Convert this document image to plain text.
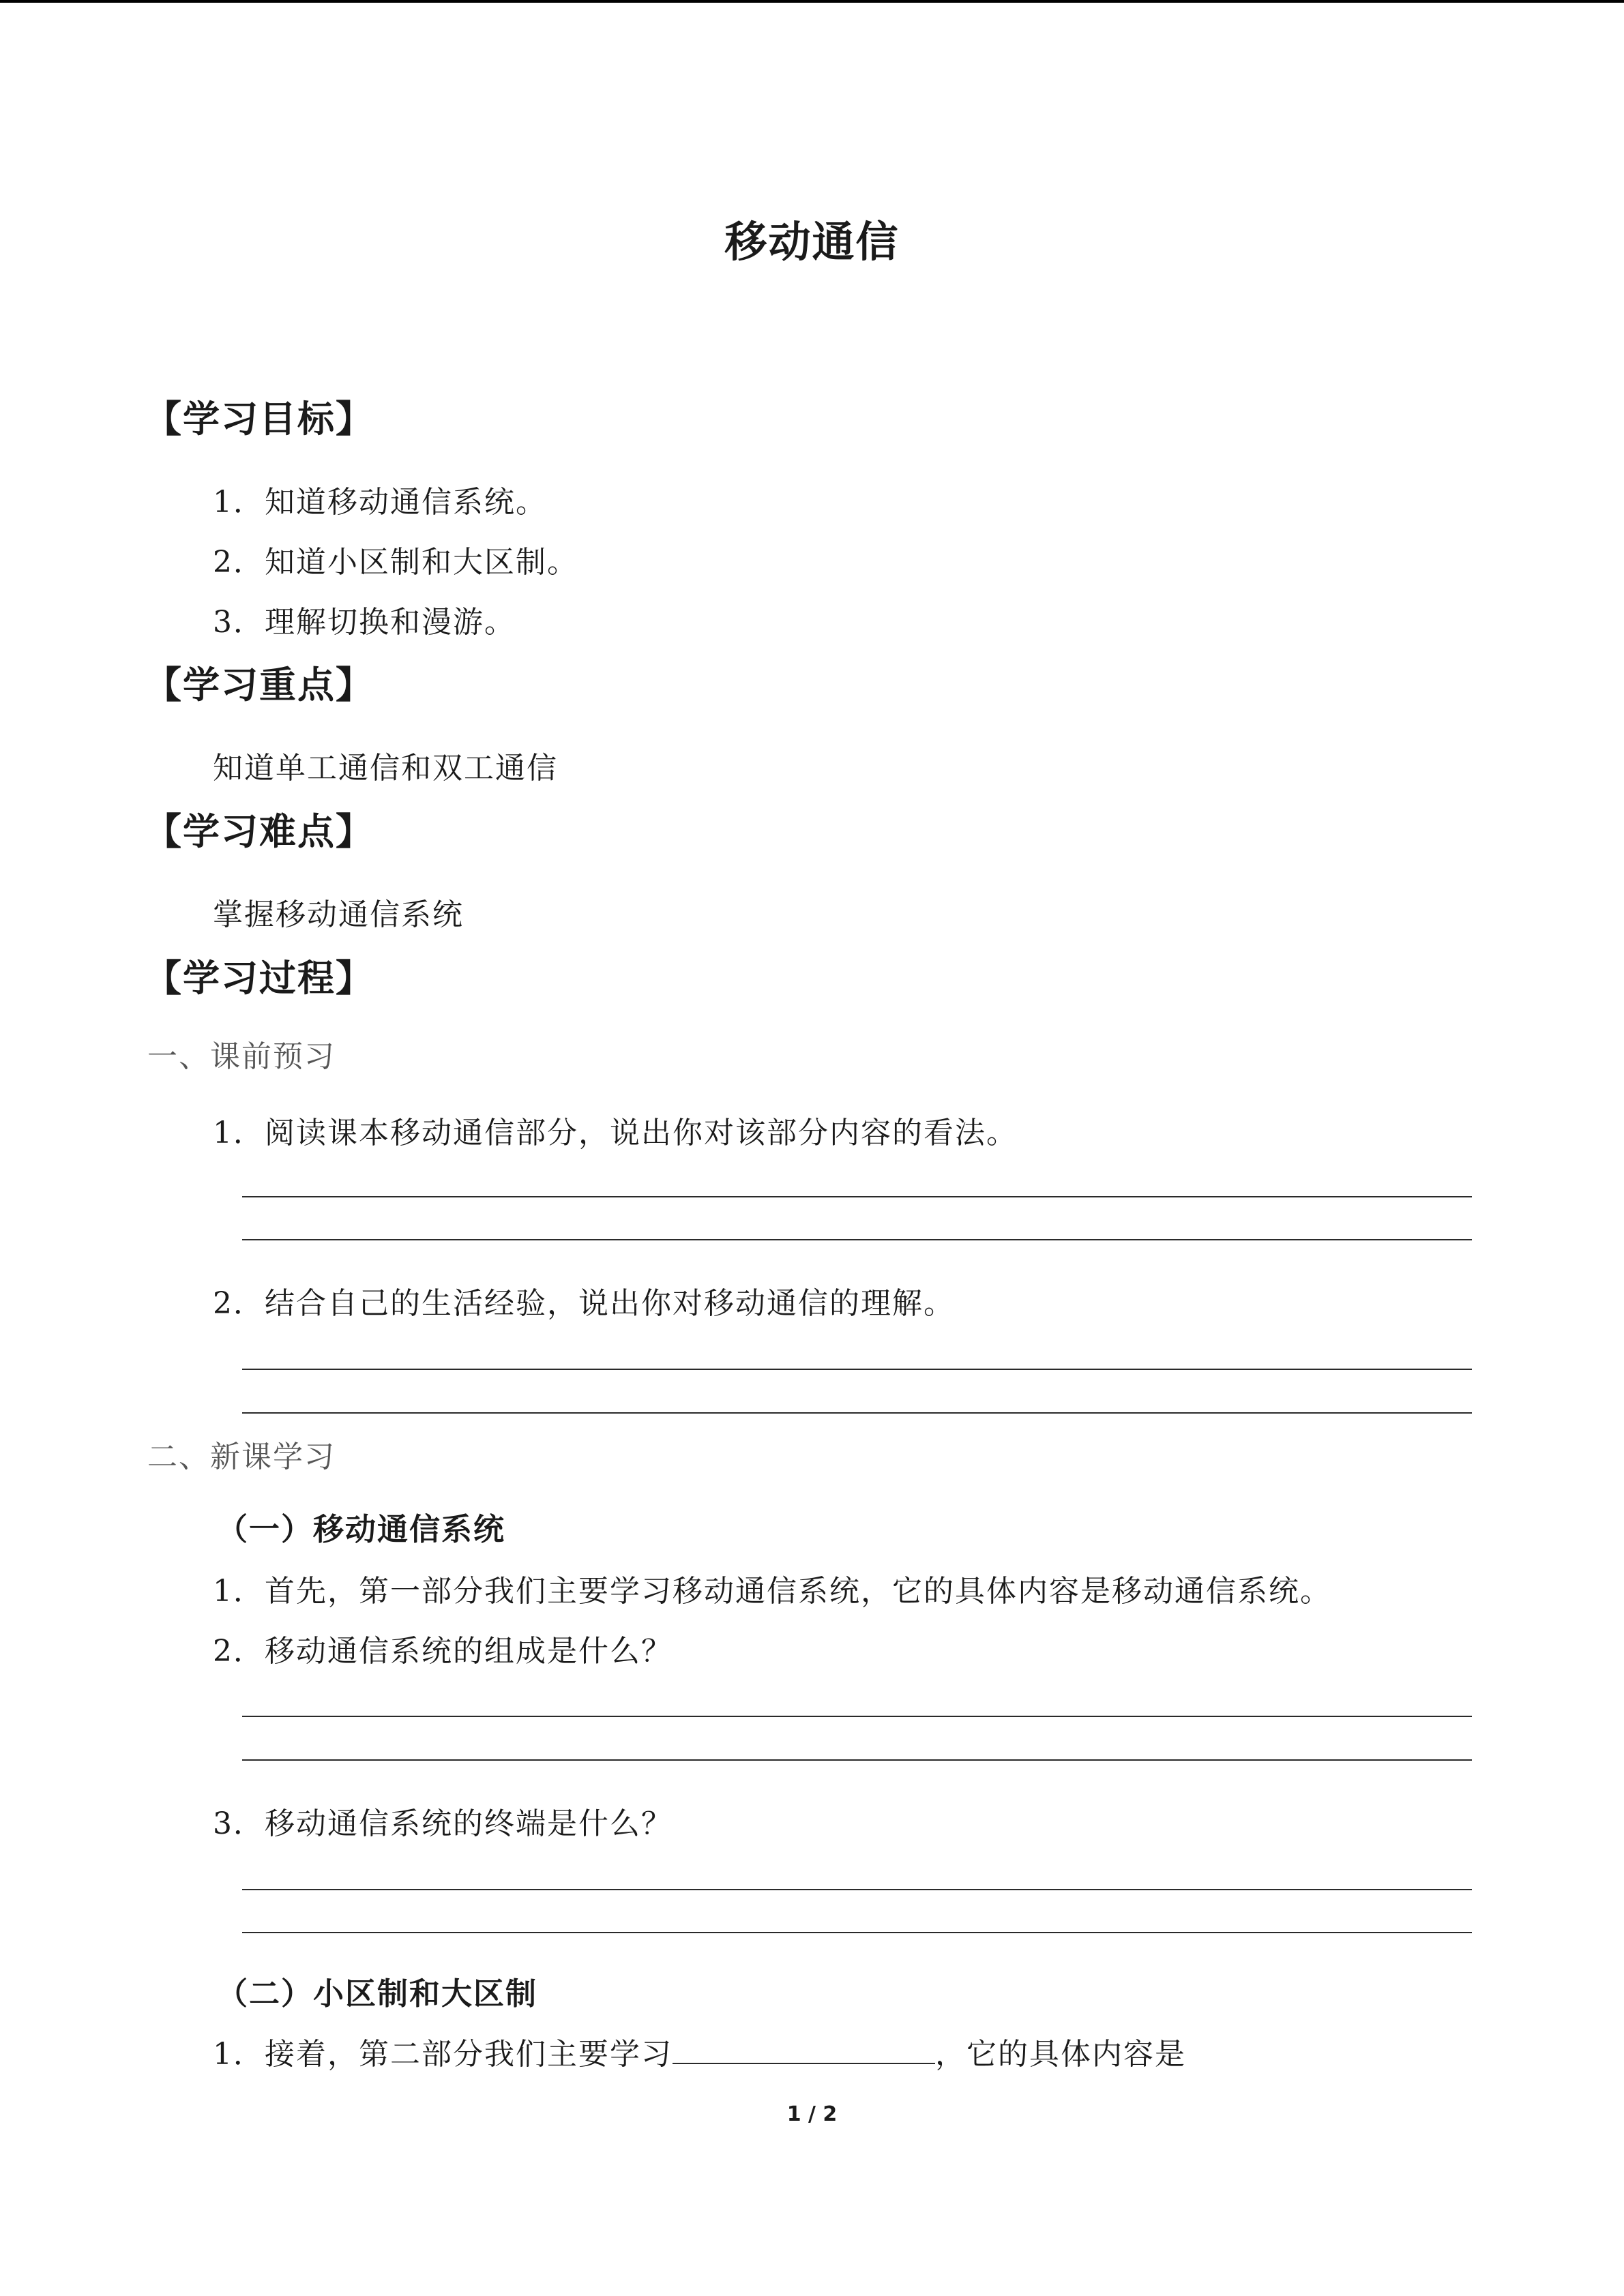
移动通信
【学习目标】
1．知道移动通信系统。
2．知道小区制和大区制。
3．理解切换和漫游。
【学习重点】
知道单工通信和双工通信
【学习难点】
掌握移动通信系统
【学习过程】
一、课前预习
1．阅读课本移动通信部分，说出你对该部分内容的看法。
2．结合自己的生活经验，说出你对移动通信的理解。
二、新课学习
（一）移动通信系统
1．首先，第一部分我们主要学习移动通信系统，它的具体内容是移动通信系统。
2．移动通信系统的组成是什么？
3．移动通信系统的终端是什么？
（二）小区制和大区制
1．接着，第二部分我们主要学习	，它的具体内容是
1 / 2
